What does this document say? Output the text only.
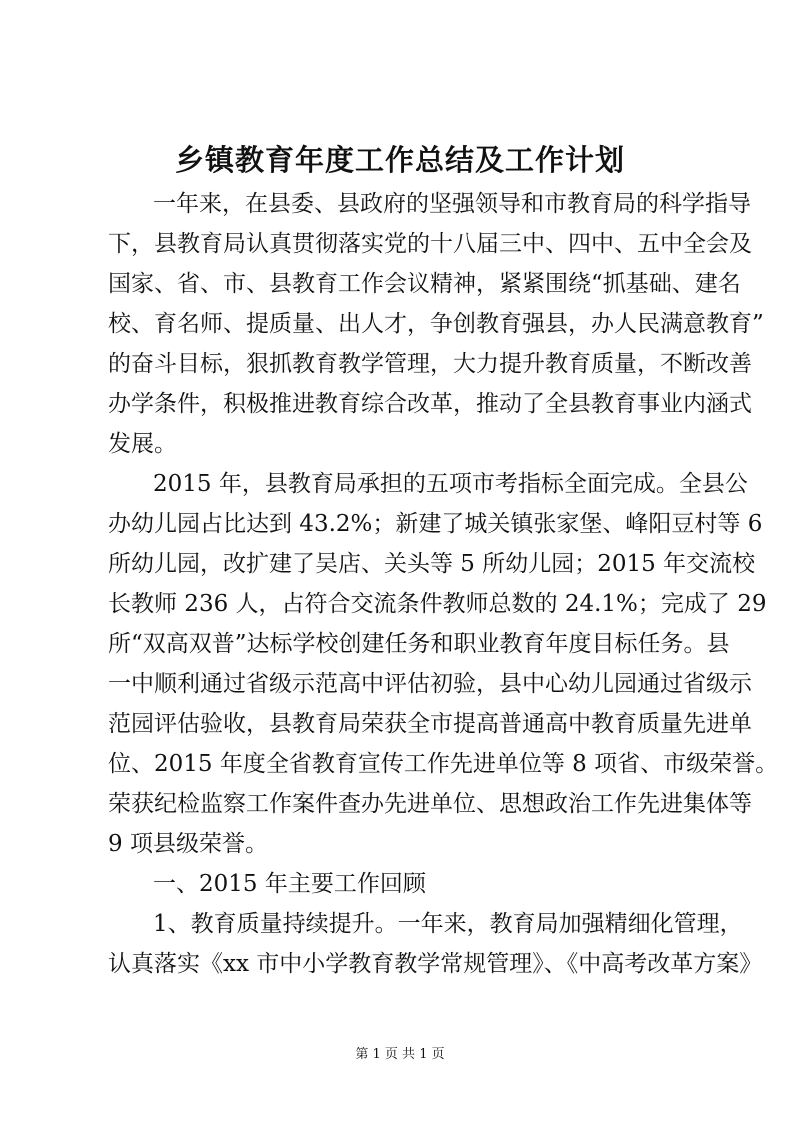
乡镇教育年度工作总结及工作计划
一年来，在县委、县政府的坚强领导和市教育局的科学指导
下，县教育局认真贯彻落实党的十八届三中、四中、五中全会及
国家、省、市、县教育工作会议精神，紧紧围绕“抓基础、建名
校、育名师、提质量、出人才，争创教育强县，办人民满意教育”
的奋斗目标，狠抓教育教学管理，大力提升教育质量，不断改善
办学条件，积极推进教育综合改革，推动了全县教育事业内涵式
发展。
2015 年，县教育局承担的五项市考指标全面完成。全县公
办幼儿园占比达到 43.2%；新建了城关镇张家堡、峰阳豆村等 6
所幼儿园，改扩建了吴店、关头等 5 所幼儿园；2015 年交流校
长教师 236 人，占符合交流条件教师总数的 24.1%；完成了 29
所“双高双普”达标学校创建任务和职业教育年度目标任务。县
一中顺利通过省级示范高中评估初验，县中心幼儿园通过省级示
范园评估验收，县教育局荣获全市提高普通高中教育质量先进单
位、2015 年度全省教育宣传工作先进单位等 8 项省、市级荣誉。
荣获纪检监察工作案件查办先进单位、思想政治工作先进集体等
9 项县级荣誉。
一、2015 年主要工作回顾
1、教育质量持续提升。一年来，教育局加强精细化管理，
认真落实《xx 市中小学教育教学常规管理》、《中高考改革方案》
第 1 页 共 1 页
